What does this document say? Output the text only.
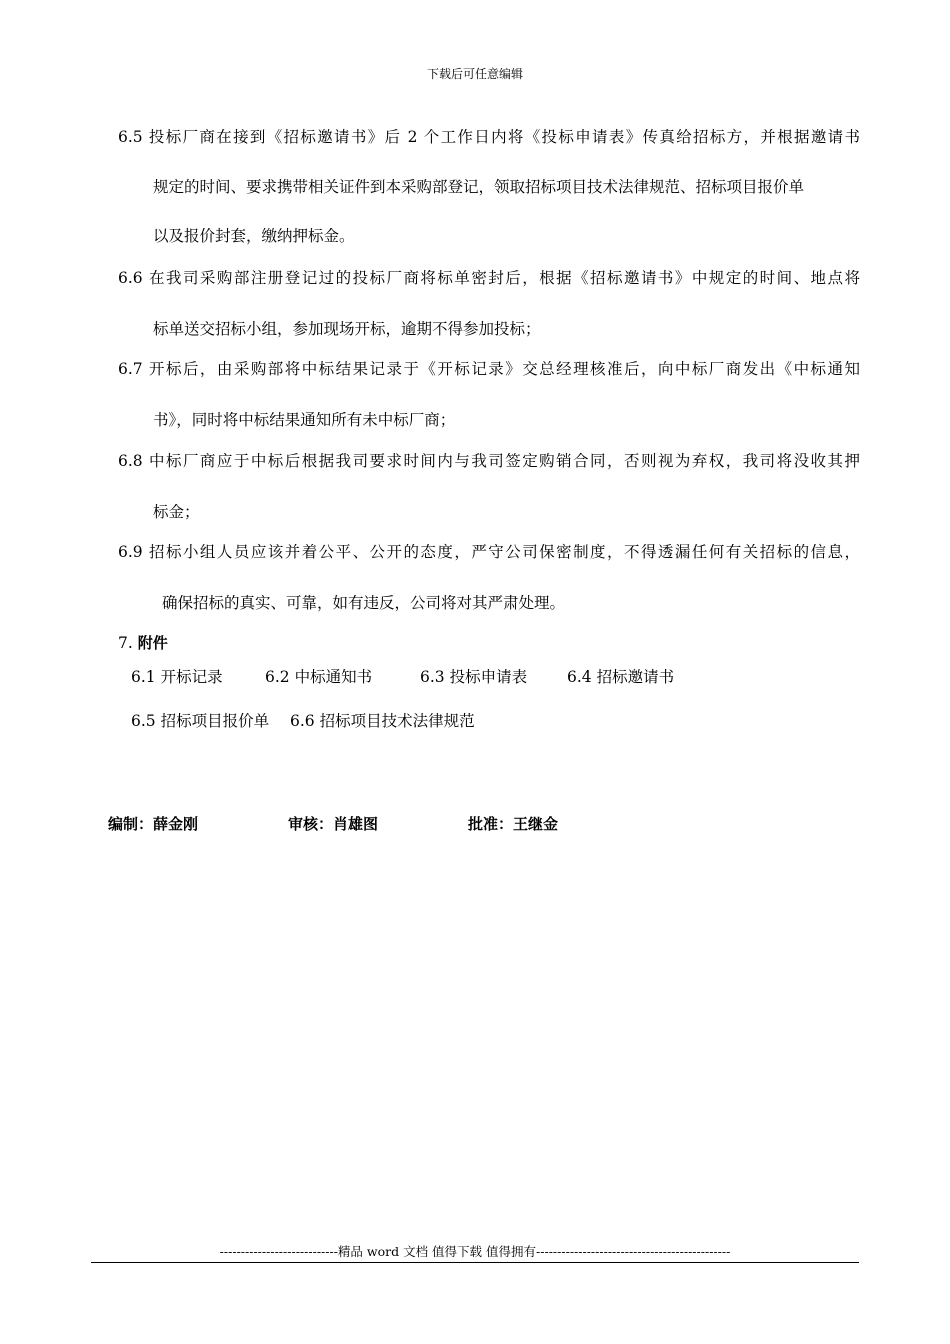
下载后可任意编辑
6.5 投标厂商在接到《招标邀请书》后 2 个工作日内将《投标申请表》传真给招标方，并根据邀请书
规定的时间、要求携带相关证件到本采购部登记，领取招标项目技术法律规范、招标项目报价单
以及报价封套，缴纳押标金。
6.6 在我司采购部注册登记过的投标厂商将标单密封后，根据《招标邀请书》中规定的时间、地点将
标单送交招标小组，参加现场开标，逾期不得参加投标；
6.7 开标后，由采购部将中标结果记录于《开标记录》交总经理核准后，向中标厂商发出《中标通知
书》，同时将中标结果通知所有未中标厂商；
6.8 中标厂商应于中标后根据我司要求时间内与我司签定购销合同，否则视为弃权，我司将没收其押
标金；
6.9 招标小组人员应该并着公平、公开的态度，严守公司保密制度，不得透漏任何有关招标的信息，
确保招标的真实、可靠，如有违反，公司将对其严肃处理。
7. 附件
6.1 开标记录	6.2 中标通知书	6.3 投标申请表	6.4 招标邀请书
6.5 招标项目报价单 6.6 招标项目技术法律规范
编制：薛金刚	审核：肖雄图	批准：王继金
----------------------------精品 word 文档 值得下载 值得拥有----------------------------------------------
